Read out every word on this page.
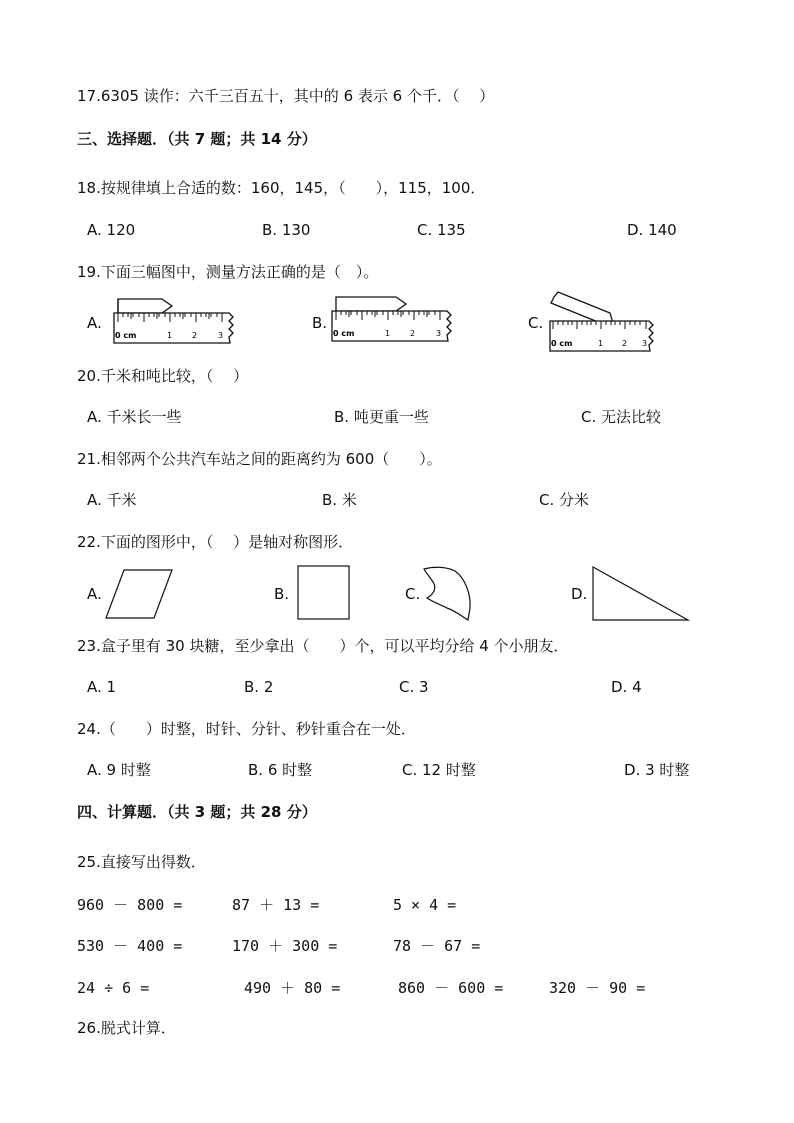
17.6305 读作：六千三百五十，其中的 6 表示 6 个千．（　 ）
三、选择题．（共 7 题；共 14 分）
18.按规律填上合适的数：160，145，（　　），115，100．
A. 120	B. 130	C. 135	D. 140
19.下面三幅图中，测量方法正确的是（　）。
A.	B.	C.
0 cm	1 2	3	0 cm	1 2	3
0 cm	1 2 3
20.千米和吨比较，（　 ）
A. 千米长一些	B. 吨更重一些	C. 无法比较
21.相邻两个公共汽车站之间的距离约为 600（　　）。
A. 千米	B. 米	C. 分米
22.下面的图形中，（　 ）是轴对称图形．
A.	B.	C.	D.
23.盒子里有 30 块糖，至少拿出（　　）个，可以平均分给 4 个小朋友．
A. 1	B. 2	C. 3	D. 4
24.（　　）时整，时针、分针、秒针重合在一处．
A. 9 时整	B. 6 时整	C. 12 时整	D. 3 时整
四、计算题．（共 3 题；共 28 分）
25.直接写出得数．
960 － 800 =	87 ＋ 13 =	5 × 4 =
530 － 400 =	170 ＋ 300 =	78 － 67 =
24 ÷ 6 =	490 ＋ 80 =	860 － 600 =	320 － 90 =
26.脱式计算．
